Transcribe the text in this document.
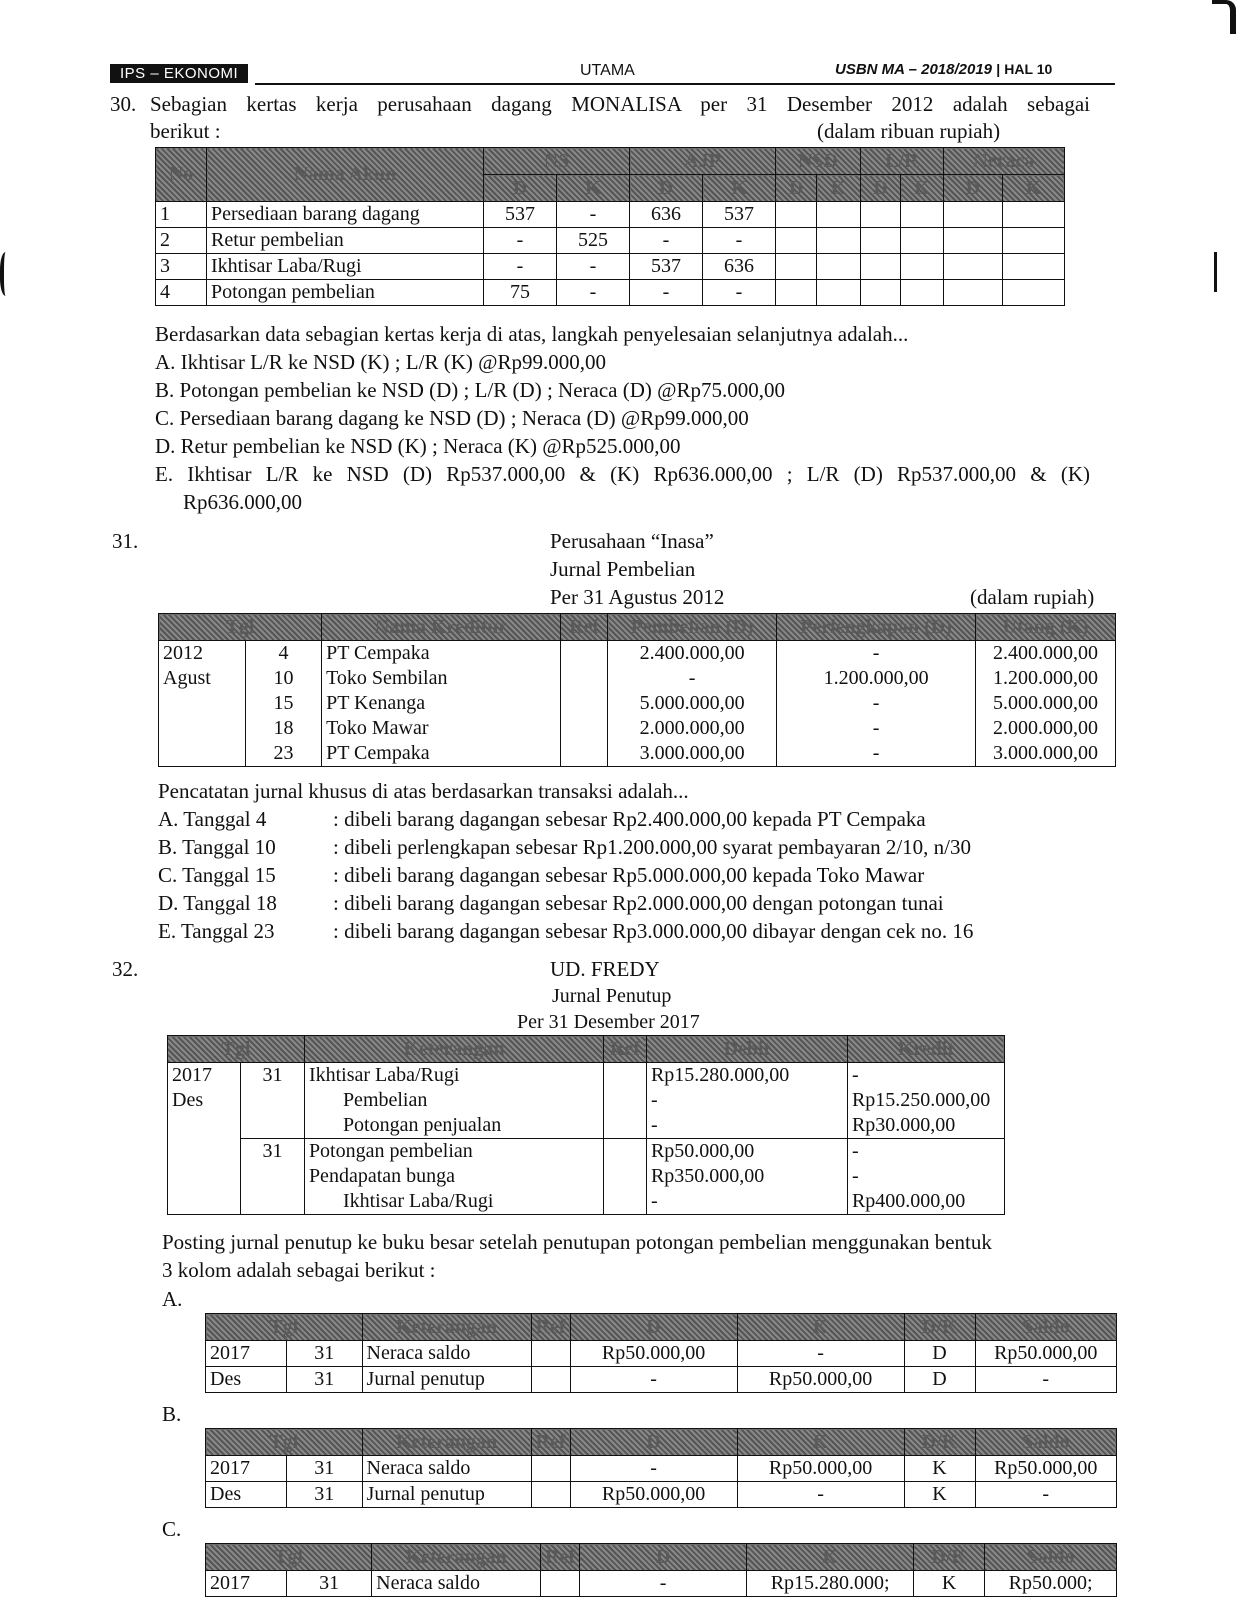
IPS – EKONOMI	UTAMA	USBN MA – 2018/2019 | HAL 10
30. Sebagian kertas kerja perusahaan dagang MONALISA per 31 Desember 2012 adalah sebagai
berikut :	(dalam ribuan rupiah)
No	Nama Akun	NS		AJP		NSD		L/R		Neraca	
		D	K	D	K	D	K	D	K	D	K
1	Persediaan barang dagang	537	-	636	537						
2	Retur pembelian	-	525	-	-						
3	Ikhtisar Laba/Rugi	-	-	537	636						
4	Potongan pembelian	75	-	-	-						
Berdasarkan data sebagian kertas kerja di atas, langkah penyelesaian selanjutnya adalah...
A. Ikhtisar L/R ke NSD (K) ; L/R (K) @Rp99.000,00
B. Potongan pembelian ke NSD (D) ; L/R (D) ; Neraca (D) @Rp75.000,00
C. Persediaan barang dagang ke NSD (D) ; Neraca (D) @Rp99.000,00
D. Retur pembelian ke NSD (K) ; Neraca (K) @Rp525.000,00
E. Ikhtisar L/R ke NSD (D) Rp537.000,00 & (K) Rp636.000,00 ; L/R (D) Rp537.000,00 & (K)
Rp636.000,00
31.	Perusahaan “Inasa”
Jurnal Pembelian
Per 31 Agustus 2012	(dalam rupiah)
Tgl		Nama Kreditur	Ref	Pembelian (D)	Perlengkapan (D)	Utang (K)
2012	4	PT Cempaka		2.400.000,00	-	2.400.000,00
Agust	10	Toko Sembilan		-	1.200.000,00	1.200.000,00
	15	PT Kenanga		5.000.000,00	-	5.000.000,00
	18	Toko Mawar		2.000.000,00	-	2.000.000,00
	23	PT Cempaka		3.000.000,00	-	3.000.000,00
Pencatatan jurnal khusus di atas berdasarkan transaksi adalah...
A. Tanggal 4	: dibeli barang dagangan sebesar Rp2.400.000,00 kepada PT Cempaka
B. Tanggal 10	: dibeli perlengkapan sebesar Rp1.200.000,00 syarat pembayaran 2/10, n/30
C. Tanggal 15	: dibeli barang dagangan sebesar Rp5.000.000,00 kepada Toko Mawar
D. Tanggal 18	: dibeli barang dagangan sebesar Rp2.000.000,00 dengan potongan tunai
E. Tanggal 23	: dibeli barang dagangan sebesar Rp3.000.000,00 dibayar dengan cek no. 16
32.	UD. FREDY
Jurnal Penutup
Per 31 Desember 2017
Tgl		Keterangan	Ref	Debit	Kredit
2017	31	Ikhtisar Laba/Rugi		Rp15.280.000,00	-
Des		Pembelian		-	Rp15.250.000,00
		Potongan penjualan		-	Rp30.000,00
	31	Potongan pembelian		Rp50.000,00	-
		Pendapatan bunga		Rp350.000,00	-
		Ikhtisar Laba/Rugi		-	Rp400.000,00
Posting jurnal penutup ke buku besar setelah penutupan potongan pembelian menggunakan bentuk
3 kolom adalah sebagai berikut :
A.
Tgl		Keterangan	Ref	D	K	D/K	Saldo
2017	31	Neraca saldo		Rp50.000,00	-	D	Rp50.000,00
Des	31	Jurnal penutup		-	Rp50.000,00	D	-
B.
Tgl		Keterangan	Ref	D	K	D/K	Saldo
2017	31	Neraca saldo		-	Rp50.000,00	K	Rp50.000,00
Des	31	Jurnal penutup		Rp50.000,00	-	K	-
C.
Tgl		Keterangan	Ref	D	K	D/K	Saldo
2017	31	Neraca saldo		-	Rp15.280.000;	K	Rp50.000;
